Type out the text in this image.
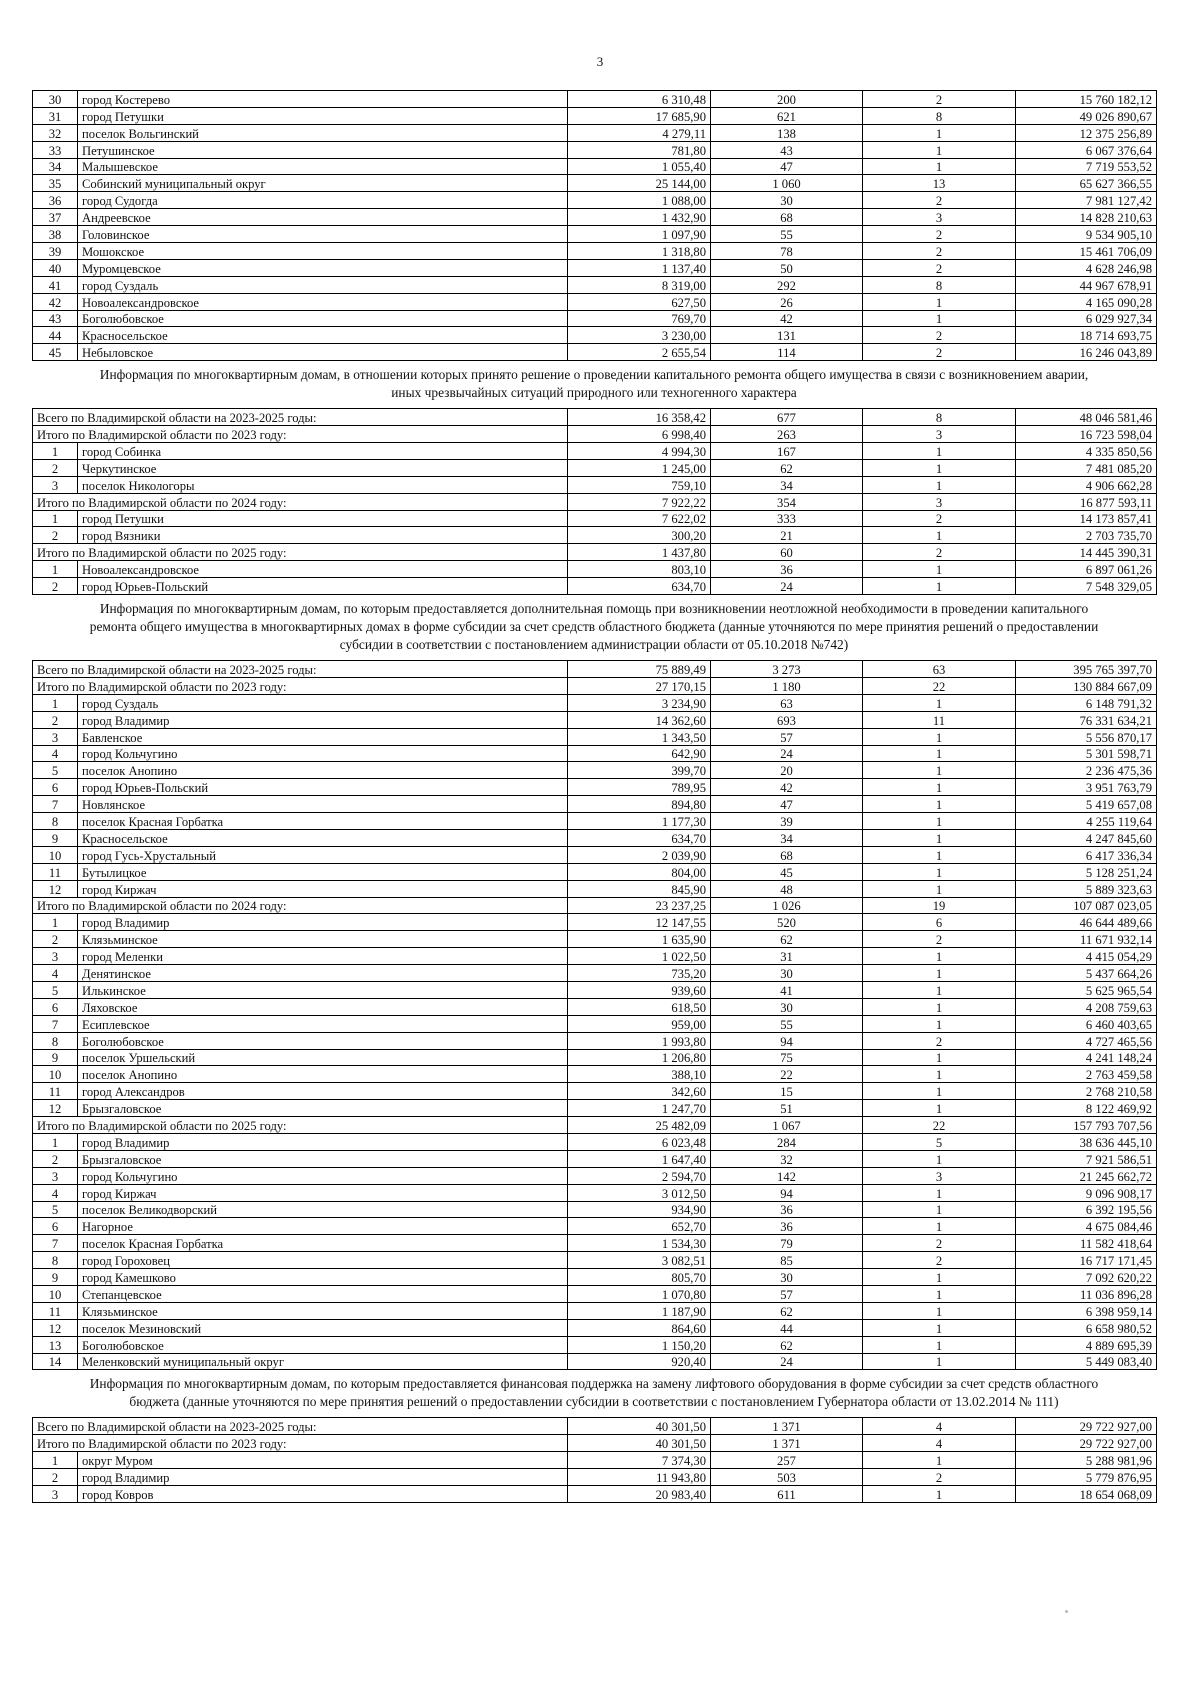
3
30	город Костерево	6 310,48	200	2	15 760 182,12
31	город Петушки	17 685,90	621	8	49 026 890,67
32	поселок Вольгинский	4 279,11	138	1	12 375 256,89
33	Петушинское	781,80	43	1	6 067 376,64
34	Малышевское	1 055,40	47	1	7 719 553,52
35	Собинский муниципальный округ	25 144,00	1 060	13	65 627 366,55
36	город Судогда	1 088,00	30	2	7 981 127,42
37	Андреевское	1 432,90	68	3	14 828 210,63
38	Головинское	1 097,90	55	2	9 534 905,10
39	Мошокское	1 318,80	78	2	15 461 706,09
40	Муромцевское	1 137,40	50	2	4 628 246,98
41	город Суздаль	8 319,00	292	8	44 967 678,91
42	Новоалександровское	627,50	26	1	4 165 090,28
43	Боголюбовское	769,70	42	1	6 029 927,34
44	Красносельское	3 230,00	131	2	18 714 693,75
45	Небыловское	2 655,54	114	2	16 246 043,89
Информация по многоквартирным домам, в отношении которых принято решение о проведении капитального ремонта общего имущества в связи с возникновением аварии,
иных чрезвычайных ситуаций природного или техногенного характера
Всего по Владимирской области на 2023-2025 годы:		16 358,42	677	8	48 046 581,46
Итого по Владимирской области по 2023 году:		6 998,40	263	3	16 723 598,04
1	город Собинка	4 994,30	167	1	4 335 850,56
2	Черкутинское	1 245,00	62	1	7 481 085,20
3	поселок Никологоры	759,10	34	1	4 906 662,28
Итого по Владимирской области по 2024 году:		7 922,22	354	3	16 877 593,11
1	город Петушки	7 622,02	333	2	14 173 857,41
2	город Вязники	300,20	21	1	2 703 735,70
Итого по Владимирской области по 2025 году:		1 437,80	60	2	14 445 390,31
1	Новоалександровское	803,10	36	1	6 897 061,26
2	город Юрьев-Польский	634,70	24	1	7 548 329,05
Информация по многоквартирным домам, по которым предоставляется дополнительная помощь при возникновении неотложной необходимости в проведении капитального
ремонта общего имущества в многоквартирных домах в форме субсидии за счет средств областного бюджета (данные уточняются по мере принятия решений о предоставлении
субсидии в соответствии с постановлением администрации области от 05.10.2018 №742)
Всего по Владимирской области на 2023-2025 годы:		75 889,49	3 273	63	395 765 397,70
Итого по Владимирской области по 2023 году:		27 170,15	1 180	22	130 884 667,09
1	город Суздаль	3 234,90	63	1	6 148 791,32
2	город Владимир	14 362,60	693	11	76 331 634,21
3	Бавленское	1 343,50	57	1	5 556 870,17
4	город Кольчугино	642,90	24	1	5 301 598,71
5	поселок Анопино	399,70	20	1	2 236 475,36
6	город Юрьев-Польский	789,95	42	1	3 951 763,79
7	Новлянское	894,80	47	1	5 419 657,08
8	поселок Красная Горбатка	1 177,30	39	1	4 255 119,64
9	Красносельское	634,70	34	1	4 247 845,60
10	город Гусь-Хрустальный	2 039,90	68	1	6 417 336,34
11	Бутылицкое	804,00	45	1	5 128 251,24
12	город Киржач	845,90	48	1	5 889 323,63
Итого по Владимирской области по 2024 году:		23 237,25	1 026	19	107 087 023,05
1	город Владимир	12 147,55	520	6	46 644 489,66
2	Клязьминское	1 635,90	62	2	11 671 932,14
3	город Меленки	1 022,50	31	1	4 415 054,29
4	Денятинское	735,20	30	1	5 437 664,26
5	Илькинское	939,60	41	1	5 625 965,54
6	Ляховское	618,50	30	1	4 208 759,63
7	Есиплевское	959,00	55	1	6 460 403,65
8	Боголюбовское	1 993,80	94	2	4 727 465,56
9	поселок Уршельский	1 206,80	75	1	4 241 148,24
10	поселок Анопино	388,10	22	1	2 763 459,58
11	город Александров	342,60	15	1	2 768 210,58
12	Брызгаловское	1 247,70	51	1	8 122 469,92
Итого по Владимирской области по 2025 году:		25 482,09	1 067	22	157 793 707,56
1	город Владимир	6 023,48	284	5	38 636 445,10
2	Брызгаловское	1 647,40	32	1	7 921 586,51
3	город Кольчугино	2 594,70	142	3	21 245 662,72
4	город Киржач	3 012,50	94	1	9 096 908,17
5	поселок Великодворский	934,90	36	1	6 392 195,56
6	Нагорное	652,70	36	1	4 675 084,46
7	поселок Красная Горбатка	1 534,30	79	2	11 582 418,64
8	город Гороховец	3 082,51	85	2	16 717 171,45
9	город Камешково	805,70	30	1	7 092 620,22
10	Степанцевское	1 070,80	57	1	11 036 896,28
11	Клязьминское	1 187,90	62	1	6 398 959,14
12	поселок Мезиновский	864,60	44	1	6 658 980,52
13	Боголюбовское	1 150,20	62	1	4 889 695,39
14	Меленковский муниципальный округ	920,40	24	1	5 449 083,40
Информация по многоквартирным домам, по которым предоставляется финансовая поддержка на замену лифтового оборудования в форме субсидии за счет средств областного
бюджета (данные уточняются по мере принятия решений о предоставлении субсидии в соответствии с постановлением Губернатора области от 13.02.2014 № 111)
Всего по Владимирской области на 2023-2025 годы:		40 301,50	1 371	4	29 722 927,00
Итого по Владимирской области по 2023 году:		40 301,50	1 371	4	29 722 927,00
1	округ Муром	7 374,30	257	1	5 288 981,96
2	город Владимир	11 943,80	503	2	5 779 876,95
3	город Ковров	20 983,40	611	1	18 654 068,09
